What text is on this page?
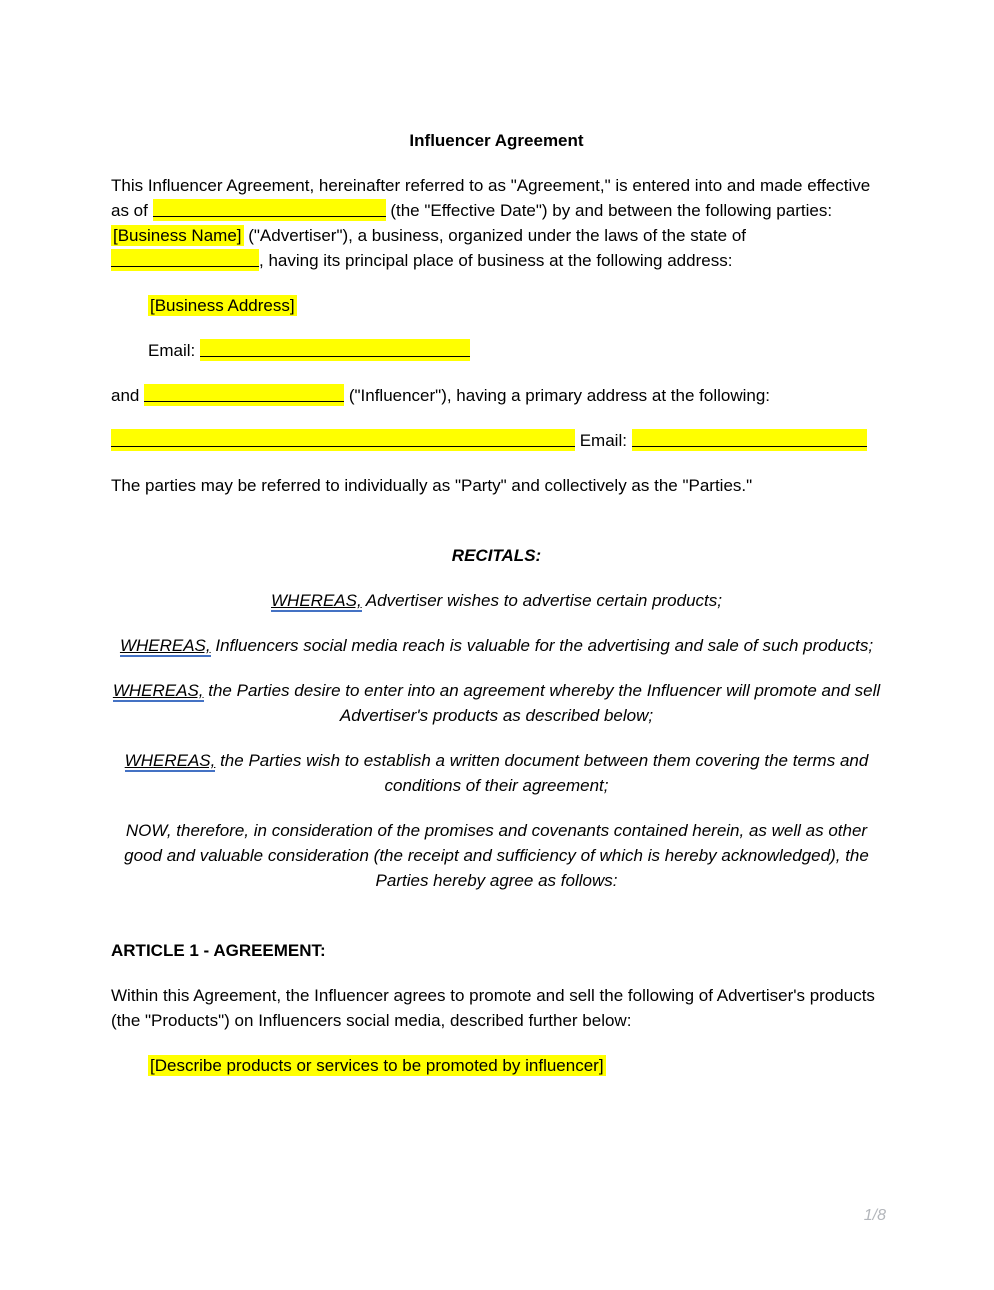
Influencer Agreement

This Influencer Agreement, hereinafter referred to as "Agreement," is entered into and made effective as of	(the "Effective Date") by and between the following parties: [Business Name] ("Advertiser"), a business, organized under the laws of the state of , having its principal place of business at the following address:

[Business Address]

Email:

and	("Influencer"), having a primary address at the following:

Email:

The parties may be referred to individually as "Party" and collectively as the "Parties."

RECITALS:

WHEREAS, Advertiser wishes to advertise certain products;

WHEREAS, Influencers social media reach is valuable for the advertising and sale of such products;

WHEREAS, the Parties desire to enter into an agreement whereby the Influencer will promote and sell Advertiser's products as described below;

WHEREAS, the Parties wish to establish a written document between them covering the terms and conditions of their agreement;

NOW, therefore, in consideration of the promises and covenants contained herein, as well as other good and valuable consideration (the receipt and sufficiency of which is hereby acknowledged), the Parties hereby agree as follows:

ARTICLE 1 - AGREEMENT:

Within this Agreement, the Influencer agrees to promote and sell the following of Advertiser's products (the "Products") on Influencers social media, described further below:

[Describe products or services to be promoted by influencer]

1/8
